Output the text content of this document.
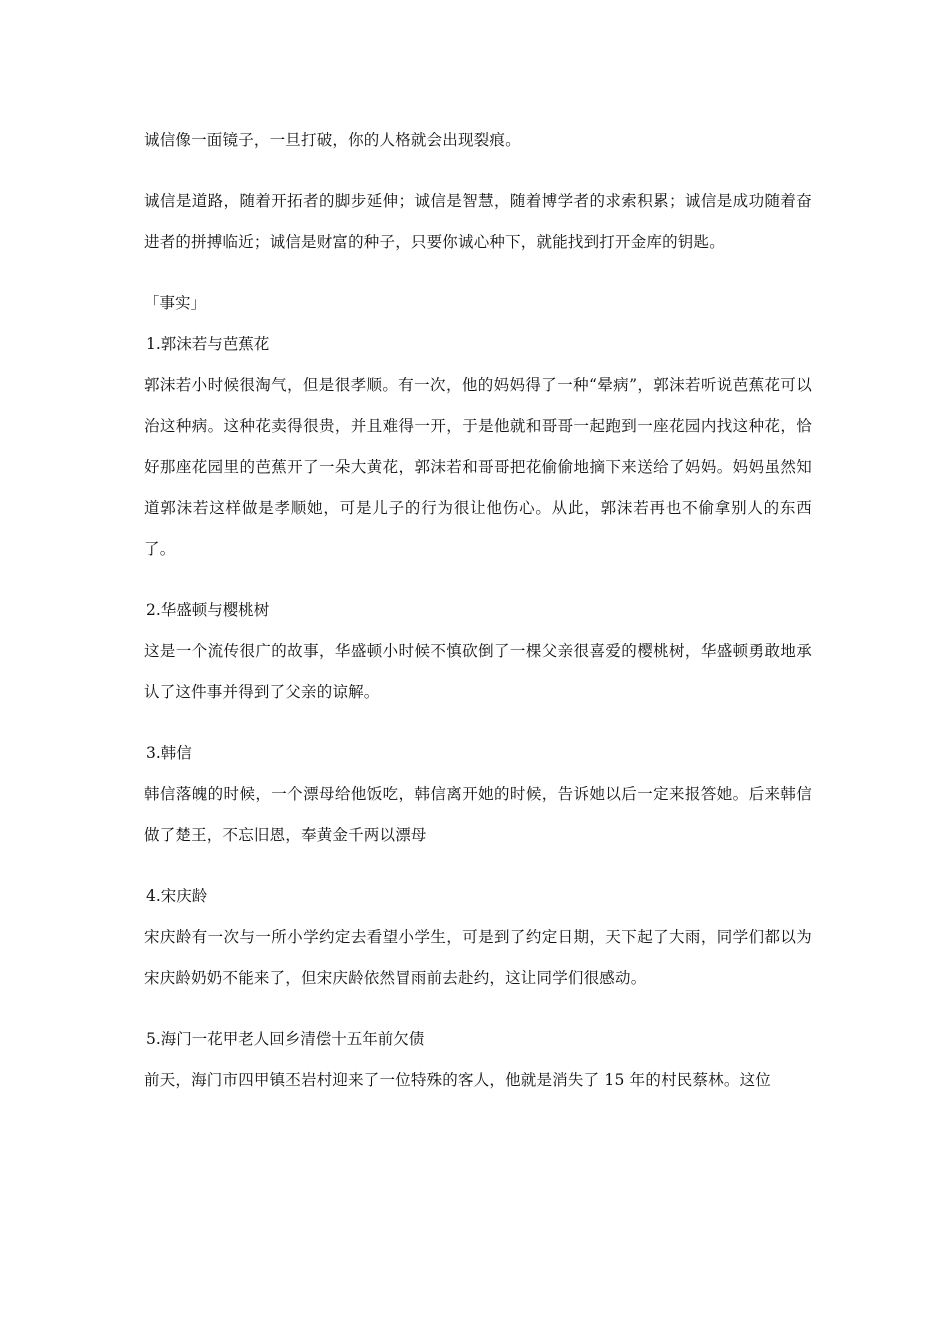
诚信像一面镜子，一旦打破，你的人格就会出现裂痕。

诚信是道路，随着开拓者的脚步延伸；诚信是智慧，随着博学者的求索积累；诚信是成功随着奋进者的拼搏临近；诚信是财富的种子，只要你诚心种下，就能找到打开金库的钥匙。

「事实」

1.郭沫若与芭蕉花

郭沫若小时候很淘气，但是很孝顺。有一次，他的妈妈得了一种“晕病”，郭沫若听说芭蕉花可以治这种病。这种花卖得很贵，并且难得一开，于是他就和哥哥一起跑到一座花园内找这种花，恰好那座花园里的芭蕉开了一朵大黄花，郭沫若和哥哥把花偷偷地摘下来送给了妈妈。妈妈虽然知道郭沫若这样做是孝顺她，可是儿子的行为很让他伤心。从此，郭沫若再也不偷拿别人的东西了。

2.华盛顿与樱桃树

这是一个流传很广的故事，华盛顿小时候不慎砍倒了一棵父亲很喜爱的樱桃树，华盛顿勇敢地承认了这件事并得到了父亲的谅解。

3.韩信

韩信落魄的时候，一个漂母给他饭吃，韩信离开她的时候，告诉她以后一定来报答她。后来韩信做了楚王，不忘旧恩，奉黄金千两以漂母

4.宋庆龄

宋庆龄有一次与一所小学约定去看望小学生，可是到了约定日期，天下起了大雨，同学们都以为宋庆龄奶奶不能来了，但宋庆龄依然冒雨前去赴约，这让同学们很感动。

5.海门一花甲老人回乡清偿十五年前欠债

前天，海门市四甲镇丕岩村迎来了一位特殊的客人，他就是消失了 15 年的村民蔡林。这位
